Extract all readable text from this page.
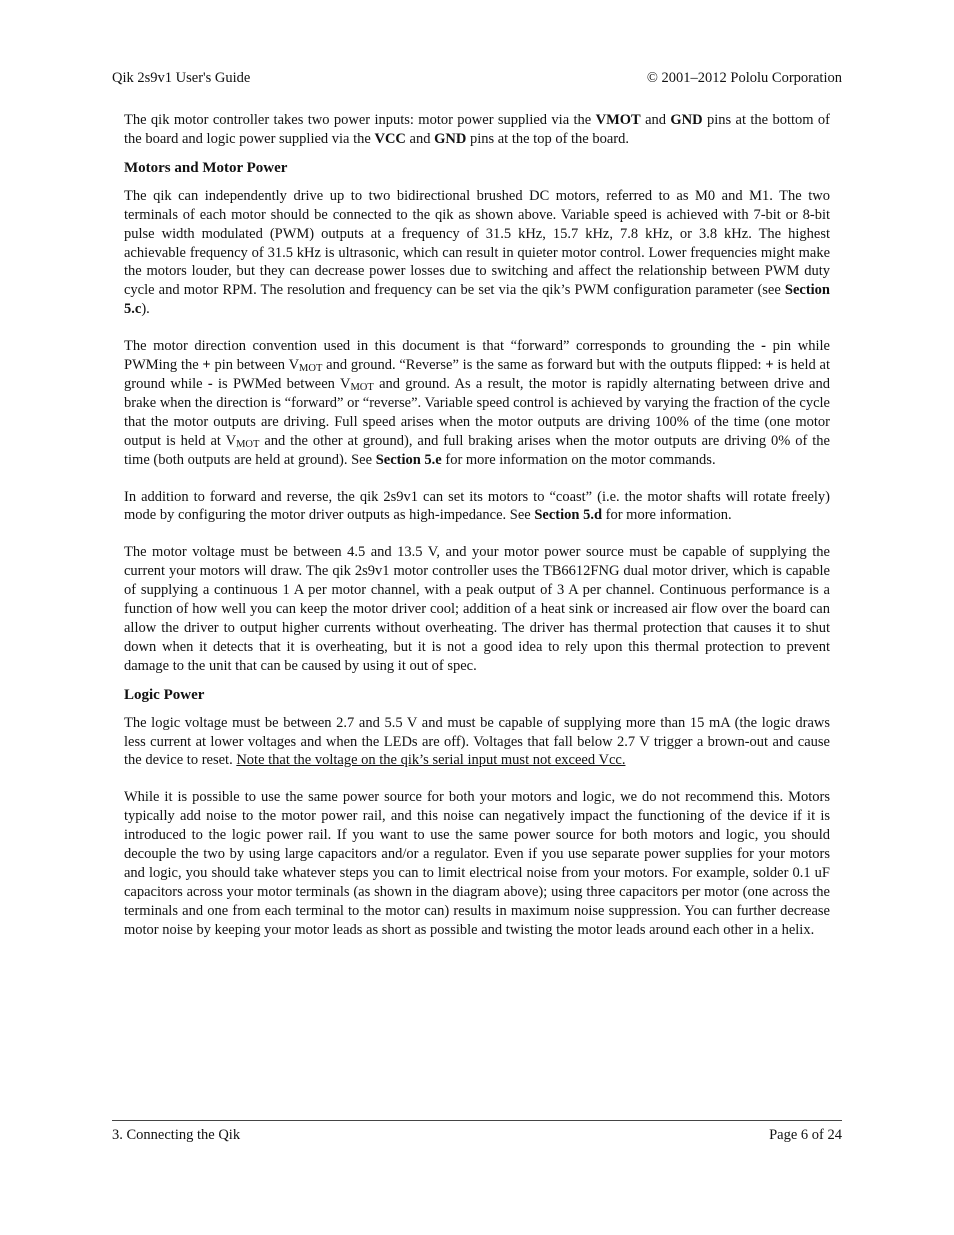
Qik 2s9v1 User's Guide	© 2001–2012 Pololu Corporation

The qik motor controller takes two power inputs: motor power supplied via the VMOT and GND pins at the bottom of the board and logic power supplied via the VCC and GND pins at the top of the board.

Motors and Motor Power

The qik can independently drive up to two bidirectional brushed DC motors, referred to as M0 and M1. The two terminals of each motor should be connected to the qik as shown above. Variable speed is achieved with 7-bit or 8-bit pulse width modulated (PWM) outputs at a frequency of 31.5 kHz, 15.7 kHz, 7.8 kHz, or 3.8 kHz. The highest achievable frequency of 31.5 kHz is ultrasonic, which can result in quieter motor control. Lower frequencies might make the motors louder, but they can decrease power losses due to switching and affect the relationship between PWM duty cycle and motor RPM. The resolution and frequency can be set via the qik’s PWM configuration parameter (see Section 5.c).

The motor direction convention used in this document is that “forward” corresponds to grounding the - pin while PWMing the + pin between $V_{MOT}$ and ground. “Reverse” is the same as forward but with the outputs flipped: + is held at ground while - is PWMed between $V_{MOT}$ and ground. As a result, the motor is rapidly alternating between drive and brake when the direction is “forward” or “reverse”. Variable speed control is achieved by varying the fraction of the cycle that the motor outputs are driving. Full speed arises when the motor outputs are driving 100% of the time (one motor output is held at $V_{MOT}$ and the other at ground), and full braking arises when the motor outputs are driving 0% of the time (both outputs are held at ground). See Section 5.e for more information on the motor commands.

In addition to forward and reverse, the qik 2s9v1 can set its motors to “coast” (i.e. the motor shafts will rotate freely) mode by configuring the motor driver outputs as high-impedance. See Section 5.d for more information.

The motor voltage must be between 4.5 and 13.5 V, and your motor power source must be capable of supplying the current your motors will draw. The qik 2s9v1 motor controller uses the TB6612FNG dual motor driver, which is capable of supplying a continuous 1 A per motor channel, with a peak output of 3 A per channel. Continuous performance is a function of how well you can keep the motor driver cool; addition of a heat sink or increased air flow over the board can allow the driver to output higher currents without overheating. The driver has thermal protection that causes it to shut down when it detects that it is overheating, but it is not a good idea to rely upon this thermal protection to prevent damage to the unit that can be caused by using it out of spec.

Logic Power

The logic voltage must be between 2.7 and 5.5 V and must be capable of supplying more than 15 mA (the logic draws less current at lower voltages and when the LEDs are off). Voltages that fall below 2.7 V trigger a brown-out and cause the device to reset. Note that the voltage on the qik’s serial input must not exceed Vcc.

While it is possible to use the same power source for both your motors and logic, we do not recommend this. Motors typically add noise to the motor power rail, and this noise can negatively impact the functioning of the device if it is introduced to the logic power rail. If you want to use the same power source for both motors and logic, you should decouple the two by using large capacitors and/or a regulator. Even if you use separate power supplies for your motors and logic, you should take whatever steps you can to limit electrical noise from your motors. For example, solder 0.1 uF capacitors across your motor terminals (as shown in the diagram above); using three capacitors per motor (one across the terminals and one from each terminal to the motor can) results in maximum noise suppression. You can further decrease motor noise by keeping your motor leads as short as possible and twisting the motor leads around each other in a helix.

3. Connecting the Qik	Page 6 of 24
